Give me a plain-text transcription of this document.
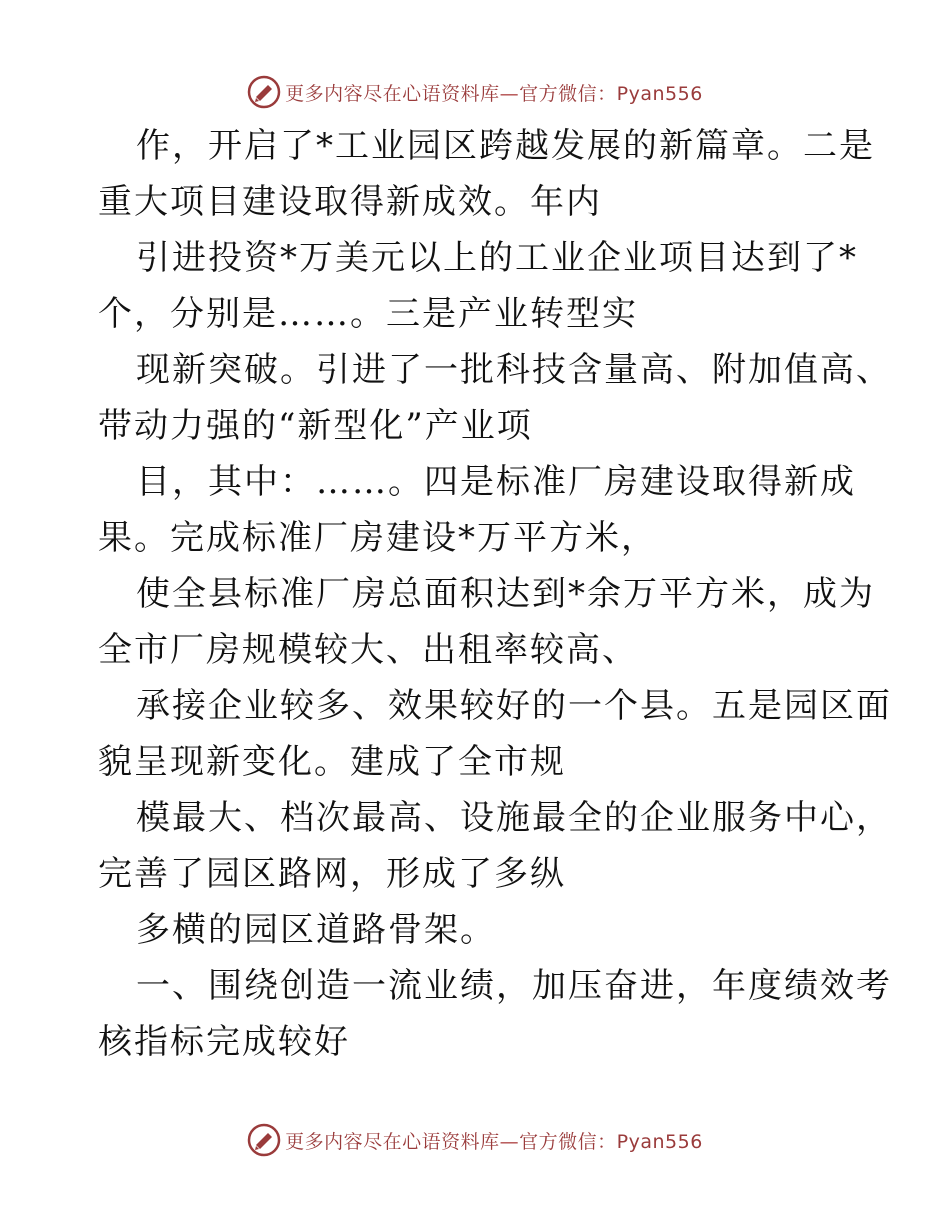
更多内容尽在心语资料库—官方微信：Pyan556
作，开启了*工业园区跨越发展的新篇章。二是
重大项目建设取得新成效。年内
引进投资*万美元以上的工业企业项目达到了*
个，分别是……。三是产业转型实
现新突破。引进了一批科技含量高、附加值高、
带动力强的“新型化”产业项
目，其中：……。四是标准厂房建设取得新成
果。完成标准厂房建设*万平方米，
使全县标准厂房总面积达到*余万平方米，成为
全市厂房规模较大、出租率较高、
承接企业较多、效果较好的一个县。五是园区面
貌呈现新变化。建成了全市规
模最大、档次最高、设施最全的企业服务中心，
完善了园区路网，形成了多纵
多横的园区道路骨架。
一、围绕创造一流业绩，加压奋进，年度绩效考
核指标完成较好
更多内容尽在心语资料库—官方微信：Pyan556
